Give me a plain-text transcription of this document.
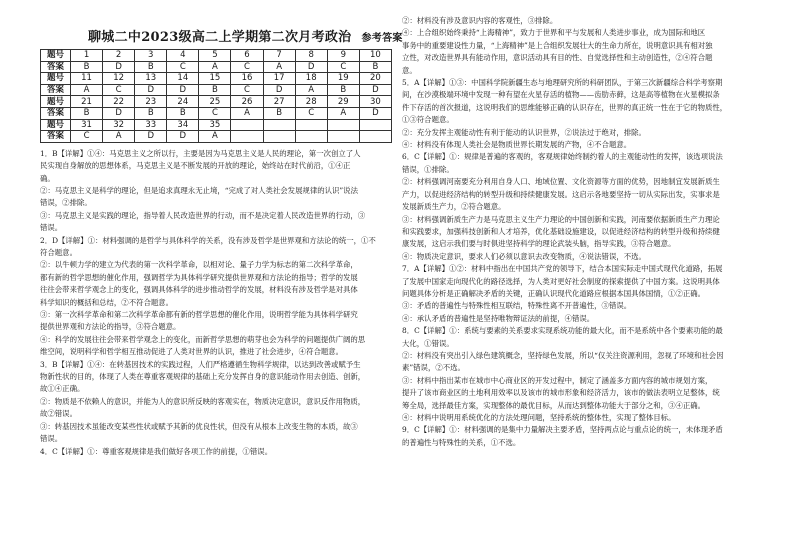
聊城二中2023级高二上学期第二次月考政治 参考答案
题号	1	2	3	4	5	6	7	8	9	10
答案	B	D	B	C	A	C	A	D	C	B
题号	11	12	13	14	15	16	17	18	19	20
答案	A	C	D	D	B	C	D	A	B	D
题号	21	22	23	24	25	26	27	28	29	30
答案	B	D	B	B	C	A	B	C	A	D
题号	31	32	33	34	35					
答案	C	A	D	D	A					
1．B【详解】①④：马克思主义之所以行，主要是因为马克思主义是人民的理论，第一次创立了人
民实现自身解放的思想体系，马克思主义是不断发展的开放的理论，始终站在时代前沿，①④正
确。
②：马克思主义是科学的理论，但是追求真理永无止境，“完成了对人类社会发展规律的认识”说法
错误，②排除。
③：马克思主义是实践的理论，指导着人民改造世界的行动，而不是决定着人民改造世界的行动，③
错误。
2．D【详解】①：材料强调的是哲学与具体科学的关系，没有涉及哲学是世界观和方法论的统一，①不
符合题意。
②：以牛顿力学的建立为代表的第一次科学革命，以相对论、量子力学为标志的第二次科学革命，
都有新的哲学思想的催化作用，强调哲学为具体科学研究提供世界观和方法论的指导；哲学的发展
往往会带来哲学观念上的变化，强调具体科学的进步推动哲学的发展，材料没有涉及哲学是对具体
科学知识的概括和总结，②不符合题意。
③：第一次科学革命和第二次科学革命都有新的哲学思想的催化作用，说明哲学能为具体科学研究
提供世界观和方法论的指导，③符合题意。
④：科学的发展往往会带来哲学观念上的变化，而新哲学思想的萌芽也会为科学的问题提供广阔的思
维空间，说明科学和哲学相互推动促进了人类对世界的认识，推进了社会进步，④符合题意。
3．B【详解】①④：在转基因技术的实践过程，人们严格遵循生物科学规律，以达到改善或赋予生
物新性状的目的，体现了人类在尊重客观规律的基础上充分发挥自身的意识能动作用去创造、创新，
故①④正确。
②：物质是不依赖人的意识，并能为人的意识所反映的客观实在，物质决定意识，意识反作用物质，
故②错误。
③：转基因技术虽能改变某些性状或赋予其新的优良性状，但没有从根本上改变生物的本质，故③
错误。
4．C【详解】①：尊重客观规律是我们做好各项工作的前提，①错误。
②：材料没有涉及意识内容的客观性，③排除。
④：上合组织始终秉持“上海精神”，致力于世界和平与发展和人类进步事业，成为国际和地区
事务中的重要建设性力量，“上海精神”是上合组织发展壮大的生命力所在，说明意识具有相对独
立性，对改造世界具有能动作用，意识活动具有目的性、自觉选择性和主动创造性，②④符合题
意。
5．A【详解】①③：中国科学院新疆生态与地理研究所的科研团队，于第三次新疆综合科学考察期
间，在沙漠极端环境中发现一种有望在火星存活的植物——齿肋赤藓，这是高等植物在火星模拟条
件下存活的首次报道，这说明我们的思维能够正确的认识存在，世界的真正统一性在于它的物质性，
①③符合题意。
②：充分发挥主观能动性有利于能动的认识世界，②说法过于绝对，排除。
④：材料没有体现人类社会是物质世界长期发展的产物，④不合题意。
6．C【详解】①：规律是普遍的客观的，客观规律始终制约着人的主观能动性的发挥，该选项说法
错误，①排除。
②：材料强调河南要充分利用自身人口、地域位置、文化资源等方面的优势，因地制宜发展新质生
产力，以促进经济结构的转型升级和持续健康发展。这启示各地要坚持一切从实际出发，实事求是
发展新质生产力，②符合题意。
③：材料强调新质生产力是马克思主义生产力理论的中国创新和实践，河南要依据新质生产力理论
和实践要求，加强科技创新和人才培养，优化基础设施建设，以促进经济结构的转型升级和持续健
康发展，这启示我们要与时俱进坚持科学的理论武装头脑，指导实践，③符合题意。
④：物质决定意识，要求人们必须以意识去改变物质，④说法错误，不选。
7．A【详解】①②：材料中指出在中国共产党的领导下，结合本国实际走中国式现代化道路，拓展
了发展中国家走向现代化的路径选择，为人类对更好社会制度的探索提供了中国方案。这说明具体
问题具体分析是正确解决矛盾的关键，正确认识现代化道路应根据本国具体国情，①②正确。
③：矛盾的普遍性与特殊性相互联结，特殊性离不开普遍性，③错误。
④：承认矛盾的普遍性是坚持唯物辩证法的前提，④错误。
8．C【详解】①：系统与要素的关系要求实现系统功能的最大化，而不是系统中各个要素功能的最
大化，①错误。
②：材料没有突出引入绿色建筑概念，坚持绿色发展，所以“仅关注资源利用，忽视了环境和社会因
素”错误，②不选。
③：材料中指出某市在城市中心商业区的开发过程中，制定了涵盖多方面内容的城市规划方案，
提升了该市商业区的土地利用效率以及该市的城市形象和经济活力，该市的做法表明立足整体，统
筹全局，选择最佳方案，实现整体的最优目标，从而达到整体功能大于部分之和，③④正确。
④：材料中说明用系统优化的方法处理问题，坚持系统的整体性，实现了整体目标。
9．C【详解】①：材料强调的是集中力量解决主要矛盾，坚持两点论与重点论的统一，未体现矛盾
的普遍性与特殊性的关系，①不选。
